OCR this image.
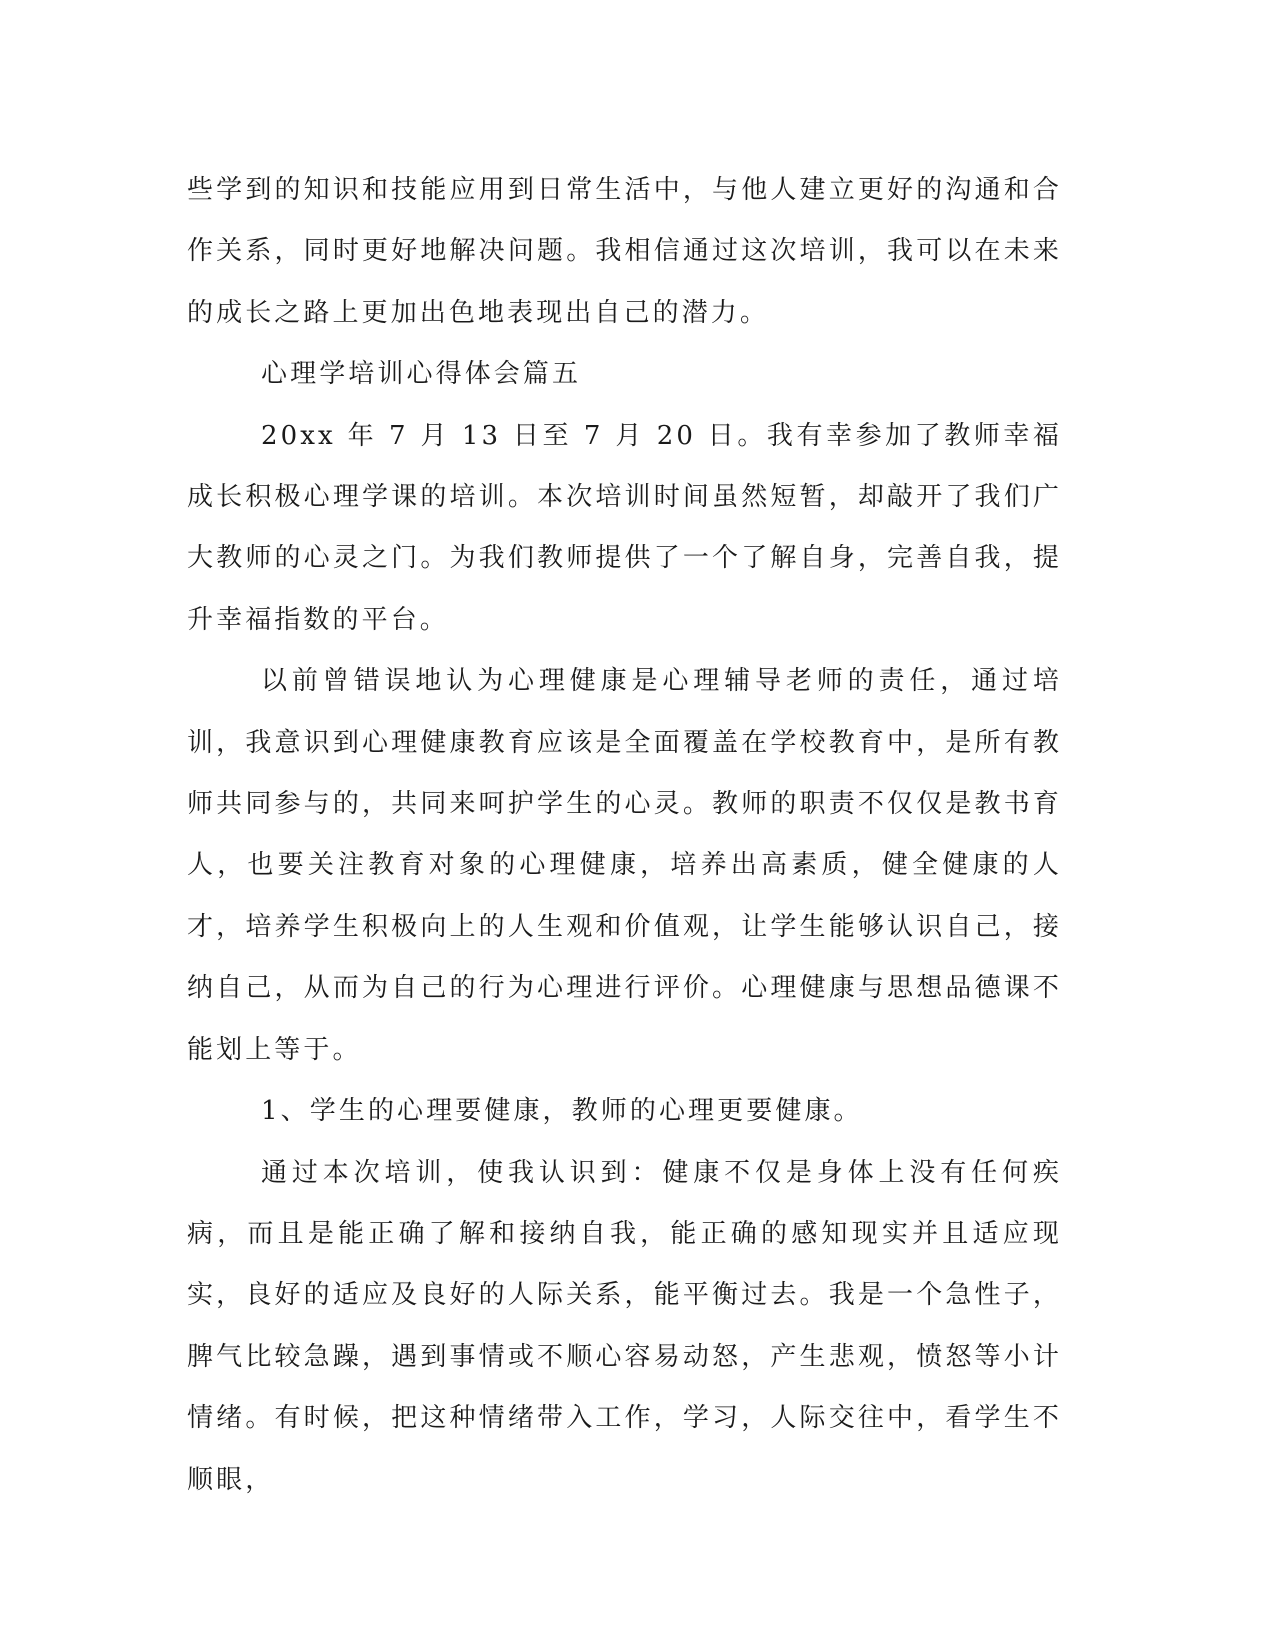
些学到的知识和技能应用到日常生活中，与他人建立更好的沟通和合作关系，同时更好地解决问题。我相信通过这次培训，我可以在未来的成长之路上更加出色地表现出自己的潜力。

心理学培训心得体会篇五

20xx 年 7 月 13 日至 7 月 20 日。我有幸参加了教师幸福成长积极心理学课的培训。本次培训时间虽然短暂，却敲开了我们广大教师的心灵之门。为我们教师提供了一个了解自身，完善自我，提升幸福指数的平台。

以前曾错误地认为心理健康是心理辅导老师的责任，通过培训，我意识到心理健康教育应该是全面覆盖在学校教育中，是所有教师共同参与的，共同来呵护学生的心灵。教师的职责不仅仅是教书育人，也要关注教育对象的心理健康，培养出高素质，健全健康的人才，培养学生积极向上的人生观和价值观，让学生能够认识自己，接纳自己，从而为自己的行为心理进行评价。心理健康与思想品德课不能划上等于。

1、学生的心理要健康，教师的心理更要健康。

通过本次培训，使我认识到：健康不仅是身体上没有任何疾病，而且是能正确了解和接纳自我，能正确的感知现实并且适应现实，良好的适应及良好的人际关系，能平衡过去。我是一个急性子，脾气比较急躁，遇到事情或不顺心容易动怒，产生悲观，愤怒等小计情绪。有时候，把这种情绪带入工作，学习，人际交往中，看学生不顺眼，
